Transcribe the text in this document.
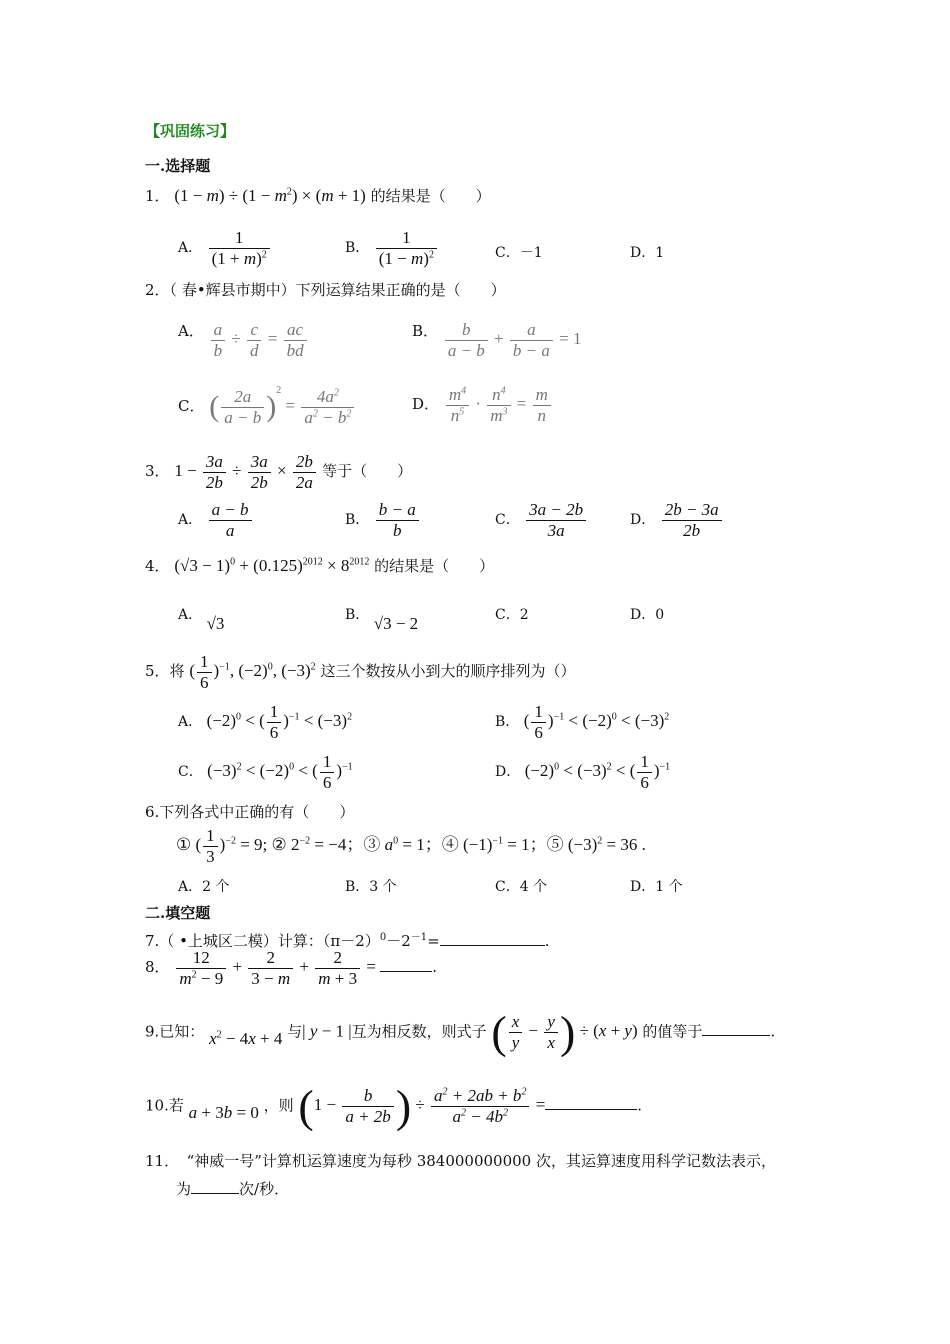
【巩固练习】
一.选择题
1． $(1 - m) \div (1 - m^2) \times (m + 1)$ 的结果是（　　）
A． $\frac{1}{(1 + m)^2}$	B． $\frac{1}{(1 - m)^2}$	C．－1	D．1
2．（ 春•辉县市期中）下列运算结果正确的是（　　）
A． $\frac{a}{b} \div \frac{c}{d} = \frac{ac}{bd}$	B． $\frac{b}{a - b} + \frac{a}{b - a} = 1$
C． ( $\frac{2a}{a - b} )^2 = \frac{4a^2}{a^2 - b^2}$	D． $\frac{m^4}{n^5} \cdot \frac{n^4}{m^3} = \frac{m}{n}$
3． $1 - \frac{3a}{2b} \div \frac{3a}{2b} \times \frac{2b}{2a}$ 等于（　　）
A． $\frac{a - b}{a}$	B． $\frac{b - a}{b}$	C． $\frac{3a - 2b}{3a}$	D． $\frac{2b - 3a}{2b}$
4． $(√3 - 1)^0 + (0.125)^{2012} \times 8^{2012}$ 的结果是（　　）
A． √3	B． √3 − 2	C．2	D．0
5．将 ( $\frac{1}{6} )^{-1}$, $(-2)^0$, $(-3)^2$ 这三个数按从小到大的顺序排列为（）
A． $(-2)^0$ < ( $\frac{1}{6} )^{-1} < (-3)^2$	B． ( $\frac{1}{6} )^{-1} < (-2)^0 < (-3)^2$
C． $(-3)^2 < (-2)^0$ < ( $\frac{1}{6} )^{-1}$	D． $(-2)^0 < (-3)^2$ < ( $\frac{1}{6} )^{-1}$
6.下列各式中正确的有（　　）
① ( $\frac{1}{3} )^{-2} = 9$; ② $2^{-2} = -4$；③ $a^0 = 1$；④ $(-1)^{-1} = 1$；⑤ $(-3)^2 = 36$ .
A．2 个	B．3 个	C．4 个	D．1 个
二.填空题
7.（ •上城区二模）计算：$(\pi-2)^0-2^{-1}=$	.
8． $\frac{12}{m^2 - 9} + \frac{2}{3 - m} + \frac{2}{m + 3}$ =	.
9.已知： $x^2 - 4x + 4$ 与| y − 1 |互为相反数，则式子 ( $\frac{x}{y} - \frac{y}{x}$ ) ÷ (x + y) 的值等于	.
10.若 a + 3b = 0 ，则 ($1 - \frac{b}{a + 2b}$ ) ÷ $\frac{a^2 + 2ab + b^2}{a^2 - 4b^2}$ =	.
11．　“神威一号”计算机运算速度为每秒 384000000000 次，其运算速度用科学记数法表示，
为	次/秒．
